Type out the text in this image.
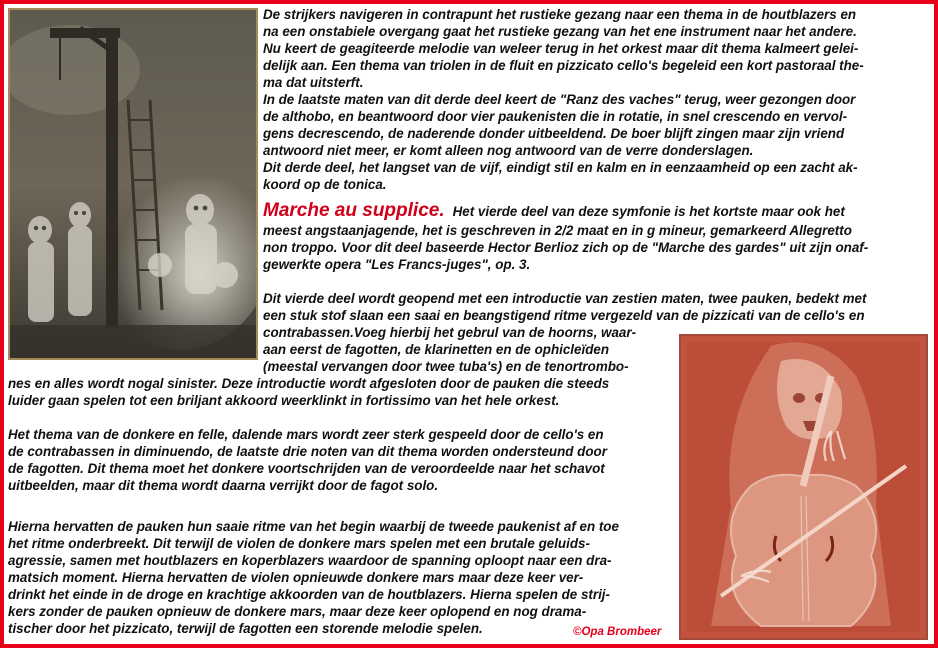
De strijkers navigeren in contrapunt het rustieke gezang naar een thema in de houtblazers en
na een onstabiele overgang gaat het rustieke gezang van het ene instrument naar het andere.
Nu keert de geagiteerde melodie van weleer terug in het orkest maar dit thema kalmeert gelei-
delijk aan. Een thema van triolen in de fluit en pizzicato cello's begeleid een kort pastoraal the-
ma dat uitsterft.
In de laatste maten van dit derde deel keert de "Ranz des vaches" terug, weer gezongen door
de althobo, en beantwoord door vier paukenisten die in rotatie, in snel crescendo en vervol-
gens decrescendo, de naderende donder uitbeeldend. De boer blijft zingen maar zijn vriend
antwoord niet meer, er komt alleen nog antwoord van de verre donderslagen.
Dit derde deel, het langset van de vijf, eindigt stil en kalm en in eenzaamheid op een zacht ak-
koord op de tonica.
Marche au supplice. Het vierde deel van deze symfonie is het kortste maar ook het
meest angstaanjagende, het is geschreven in 2/2 maat en in g mineur, gemarkeerd Allegretto
non troppo. Voor dit deel baseerde Hector Berlioz zich op de "Marche des gardes" uit zijn onaf-
gewerkte opera "Les Francs-juges", op. 3.
Dit vierde deel wordt geopend met een introductie van zestien maten, twee pauken, bedekt met
een stuk stof slaan een saai en beangstigend ritme vergezeld van de pizzicati van de cello's en
contrabassen.Voeg hierbij het gebrul van de hoorns, waar-
aan eerst de fagotten, de klarinetten en de ophicleïden
(meestal vervangen door twee tuba's) en de tenortrombo-
nes en alles wordt nogal sinister. Deze introductie wordt afgesloten door de pauken die steeds
luider gaan spelen tot een briljant akkoord weerklinkt in fortissimo van het hele orkest.
Het thema van de donkere en felle, dalende mars wordt zeer sterk gespeeld door de cello's en
de contrabassen in diminuendo, de laatste drie noten van dit thema worden ondersteund door
de fagotten. Dit thema moet het donkere voortschrijden van de veroordeelde naar het schavot
uitbeelden, maar dit thema wordt daarna verrijkt door de fagot solo.
Hierna hervatten de pauken hun saaie ritme van het begin waarbij de tweede paukenist af en toe
het ritme onderbreekt. Dit terwijl de violen de donkere mars spelen met een brutale geluids-
agressie, samen met houtblazers en koperblazers waardoor de spanning oploopt naar een dra-
matsich moment. Hierna hervatten de violen opnieuwde donkere mars maar deze keer ver-
drinkt het einde in de droge en krachtige akkoorden van de houtblazers. Hierna spelen de strij-
kers zonder de pauken opnieuw de donkere mars, maar deze keer oplopend en nog drama-
tischer door het pizzicato, terwijl de fagotten een storende melodie spelen.	©Opa Brombeer
